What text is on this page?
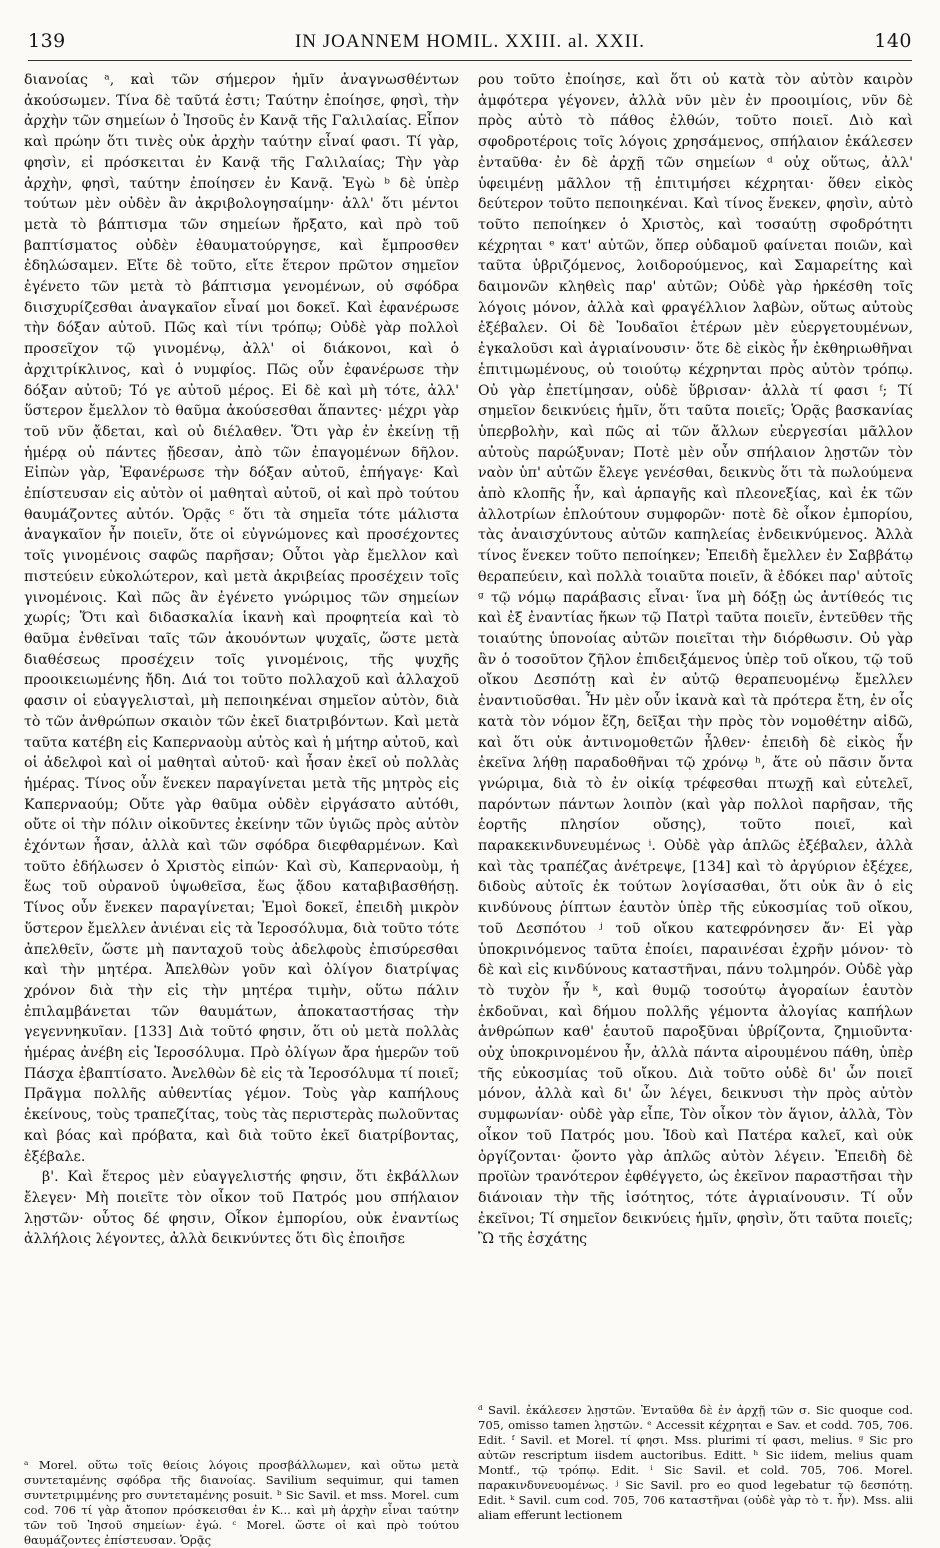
139	IN JOANNEM HOMIL. XXIII. al. XXII.	140

διανοίας ᵃ, καὶ τῶν σήμερον ἡμῖν ἀναγνωσθέντων ἀκούσωμεν. Τίνα δὲ ταῦτά ἐστι; Ταύτην ἐποίησε, φησὶ, τὴν ἀρχὴν τῶν σημείων ὁ Ἰησοῦς ἐν Κανᾷ τῆς Γαλιλαίας. Εἶπον καὶ πρώην ὅτι τινὲς οὐκ ἀρχὴν ταύτην εἶναί φασι. Τί γὰρ, φησὶν, εἰ πρόσκειται ἐν Κανᾷ τῆς Γαλιλαίας; Τὴν γὰρ ἀρχὴν, φησὶ, ταύτην ἐποίησεν ἐν Κανᾷ. Ἐγὼ ᵇ δὲ ὑπὲρ τούτων μὲν οὐδὲν ἂν ἀκριβολογησαίμην· ἀλλ' ὅτι μέντοι μετὰ τὸ βάπτισμα τῶν σημείων ἤρξατο, καὶ πρὸ τοῦ βαπτίσματος οὐδὲν ἐθαυματούργησε, καὶ ἔμπροσθεν ἐδηλώσαμεν. Εἴτε δὲ τοῦτο, εἴτε ἕτερον πρῶτον σημεῖον ἐγένετο τῶν μετὰ τὸ βάπτισμα γενομένων, οὐ σφόδρα διισχυρίζεσθαι ἀναγκαῖον εἶναί μοι δοκεῖ. Καὶ ἐφανέρωσε τὴν δόξαν αὐτοῦ. Πῶς καὶ τίνι τρόπῳ; Οὐδὲ γὰρ πολλοὶ προσεῖχον τῷ γινομένῳ, ἀλλ' οἱ διάκονοι, καὶ ὁ ἀρχιτρίκλινος, καὶ ὁ νυμφίος. Πῶς οὖν ἐφανέρωσε τὴν δόξαν αὐτοῦ; Τό γε αὐτοῦ μέρος. Εἰ δὲ καὶ μὴ τότε, ἀλλ' ὕστερον ἔμελλον τὸ θαῦμα ἀκούσεσθαι ἅπαντες· μέχρι γὰρ τοῦ νῦν ᾄδεται, καὶ οὐ διέλαθεν. Ὅτι γὰρ ἐν ἐκείνῃ τῇ ἡμέρᾳ οὐ πάντες ᾔδεσαν, ἀπὸ τῶν ἐπαγομένων δῆλον. Εἰπὼν γὰρ, Ἐφανέρωσε τὴν δόξαν αὐτοῦ, ἐπήγαγε· Καὶ ἐπίστευσαν εἰς αὐτὸν οἱ μαθηταὶ αὐτοῦ, οἱ καὶ πρὸ τούτου θαυμάζοντες αὐτόν. Ὁρᾷς ᶜ ὅτι τὰ σημεῖα τότε μάλιστα ἀναγκαῖον ἦν ποιεῖν, ὅτε οἱ εὐγνώμονες καὶ προσέχοντες τοῖς γινομένοις σαφῶς παρῆσαν; Οὗτοι γὰρ ἔμελλον καὶ πιστεύειν εὐκολώτερον, καὶ μετὰ ἀκριβείας προσέχειν τοῖς γινομένοις. Καὶ πῶς ἂν ἐγένετο γνώριμος τῶν σημείων χωρίς; Ὅτι καὶ διδασκαλία ἱκανὴ καὶ προφητεία καὶ τὸ θαῦμα ἐνθεῖναι ταῖς τῶν ἀκουόντων ψυχαῖς, ὥστε μετὰ διαθέσεως προσέχειν τοῖς γινομένοις, τῆς ψυχῆς προοικειωμένης ἤδη. Διά τοι τοῦτο πολλαχοῦ καὶ ἀλλαχοῦ φασιν οἱ εὐαγγελισταὶ, μὴ πεποιηκέναι σημεῖον αὐτὸν, διὰ τὸ τῶν ἀνθρώπων σκαιὸν τῶν ἐκεῖ διατριβόντων. Καὶ μετὰ ταῦτα κατέβη εἰς Καπερναοὺμ αὐτὸς καὶ ἡ μήτηρ αὐτοῦ, καὶ οἱ ἀδελφοὶ καὶ οἱ μαθηταὶ αὐτοῦ· καὶ ἦσαν ἐκεῖ οὐ πολλὰς ἡμέρας. Τίνος οὖν ἕνεκεν παραγίνεται μετὰ τῆς μητρὸς εἰς Καπερναούμ; Οὔτε γὰρ θαῦμα οὐδὲν εἰργάσατο αὐτόθι, οὔτε οἱ τὴν πόλιν οἰκοῦντες ἐκείνην τῶν ὑγιῶς πρὸς αὐτὸν ἐχόντων ἦσαν, ἀλλὰ καὶ τῶν σφόδρα διεφθαρμένων. Καὶ τοῦτο ἐδήλωσεν ὁ Χριστὸς εἰπών· Καὶ σὺ, Καπερναοὺμ, ἡ ἕως τοῦ οὐρανοῦ ὑψωθεῖσα, ἕως ᾅδου καταβιβασθήσῃ. Τίνος οὖν ἕνεκεν παραγίνεται; Ἐμοὶ δοκεῖ, ἐπειδὴ μικρὸν ὕστερον ἔμελλεν ἀνιέναι εἰς τὰ Ἱεροσόλυμα, διὰ τοῦτο τότε ἀπελθεῖν, ὥστε μὴ πανταχοῦ τοὺς ἀδελφοὺς ἐπισύρεσθαι καὶ τὴν μητέρα. Ἀπελθὼν γοῦν καὶ ὀλίγον διατρίψας χρόνον διὰ τὴν εἰς τὴν μητέρα τιμὴν, οὕτω πάλιν ἐπιλαμβάνεται τῶν θαυμάτων, ἀποκαταστήσας τὴν γεγεννηκυῖαν. [133] Διὰ τοῦτό φησιν, ὅτι οὐ μετὰ πολλὰς ἡμέρας ἀνέβη εἰς Ἱεροσόλυμα. Πρὸ ὀλίγων ἄρα ἡμερῶν τοῦ Πάσχα ἐβαπτίσατο. Ἀνελθὼν δὲ εἰς τὰ Ἱεροσόλυμα τί ποιεῖ; Πρᾶγμα πολλῆς αὐθεντίας γέμον. Τοὺς γὰρ καπήλους ἐκείνους, τοὺς τραπεζίτας, τοὺς τὰς περιστερὰς πωλοῦντας καὶ βόας καὶ πρόβατα, καὶ διὰ τοῦτο ἐκεῖ διατρίβοντας, ἐξέβαλε.

β'. Καὶ ἕτερος μὲν εὐαγγελιστής φησιν, ὅτι ἐκβάλλων ἔλεγεν· Μὴ ποιεῖτε τὸν οἶκον τοῦ Πατρός μου σπήλαιον λῃστῶν· οὗτος δέ φησιν, Οἶκον ἐμπορίου, οὐκ ἐναντίως ἀλλήλοις λέγοντες, ἀλλὰ δεικνύντες ὅτι δὶς ἐποιῆσε

ρου τοῦτο ἐποίησε, καὶ ὅτι οὐ κατὰ τὸν αὐτὸν καιρὸν ἀμφότερα γέγονεν, ἀλλὰ νῦν μὲν ἐν προοιμίοις, νῦν δὲ πρὸς αὐτὸ τὸ πάθος ἐλθών, τοῦτο ποιεῖ. Διὸ καὶ σφοδροτέροις τοῖς λόγοις χρησάμενος, σπήλαιον ἐκάλεσεν ἐνταῦθα· ἐν δὲ ἀρχῇ τῶν σημείων ᵈ οὐχ οὕτως, ἀλλ' ὑφειμένῃ μᾶλλον τῇ ἐπιτιμήσει κέχρηται· ὅθεν εἰκὸς δεύτερον τοῦτο πεποιηκέναι. Καὶ τίνος ἕνεκεν, φησὶν, αὐτὸ τοῦτο πεποίηκεν ὁ Χριστὸς, καὶ τοσαύτῃ σφοδρότητι κέχρηται ᵉ κατ' αὐτῶν, ὅπερ οὐδαμοῦ φαίνεται ποιῶν, καὶ ταῦτα ὑβριζόμενος, λοιδορούμενος, καὶ Σαμαρείτης καὶ δαιμονῶν κληθεὶς παρ' αὐτῶν; Οὐδὲ γὰρ ἠρκέσθη τοῖς λόγοις μόνον, ἀλλὰ καὶ φραγέλλιον λαβὼν, οὕτως αὐτοὺς ἐξέβαλεν. Οἱ δὲ Ἰουδαῖοι ἑτέρων μὲν εὐεργετουμένων, ἐγκαλοῦσι καὶ ἀγριαίνουσιν· ὅτε δὲ εἰκὸς ἦν ἐκθηριωθῆναι ἐπιτιμωμένους, οὐ τοιούτῳ κέχρηνται πρὸς αὐτὸν τρόπῳ. Οὐ γὰρ ἐπετίμησαν, οὐδὲ ὕβρισαν· ἀλλὰ τί φασι ᶠ; Τί σημεῖον δεικνύεις ἡμῖν, ὅτι ταῦτα ποιεῖς; Ὁρᾷς βασκανίας ὑπερβολὴν, καὶ πῶς αἱ τῶν ἄλλων εὐεργεσίαι μᾶλλον αὐτοὺς παρώξυναν; Ποτὲ μὲν οὖν σπήλαιον λῃστῶν τὸν ναὸν ὑπ' αὐτῶν ἔλεγε γενέσθαι, δεικνὺς ὅτι τὰ πωλούμενα ἀπὸ κλοπῆς ἦν, καὶ ἁρπαγῆς καὶ πλεονεξίας, καὶ ἐκ τῶν ἀλλοτρίων ἐπλούτουν συμφορῶν· ποτὲ δὲ οἶκον ἐμπορίου, τὰς ἀναισχύντους αὐτῶν καπηλείας ἐνδεικνύμενος. Ἀλλὰ τίνος ἕνεκεν τοῦτο πεποίηκεν; Ἐπειδὴ ἔμελλεν ἐν Σαββάτῳ θεραπεύειν, καὶ πολλὰ τοιαῦτα ποιεῖν, ἃ ἐδόκει παρ' αὐτοῖς ᵍ τῷ νόμῳ παράβασις εἶναι· ἵνα μὴ δόξῃ ὡς ἀντίθεός τις καὶ ἐξ ἐναντίας ἥκων τῷ Πατρὶ ταῦτα ποιεῖν, ἐντεῦθεν τῆς τοιαύτης ὑπονοίας αὐτῶν ποιεῖται τὴν διόρθωσιν. Οὐ γὰρ ἂν ὁ τοσοῦτον ζῆλον ἐπιδειξάμενος ὑπὲρ τοῦ οἴκου, τῷ τοῦ οἴκου Δεσπότῃ καὶ ἐν αὐτῷ θεραπευομένῳ ἔμελλεν ἐναντιοῦσθαι. Ἦν μὲν οὖν ἱκανὰ καὶ τὰ πρότερα ἔτη, ἐν οἷς κατὰ τὸν νόμον ἔζη, δεῖξαι τὴν πρὸς τὸν νομοθέτην αἰδῶ, καὶ ὅτι οὐκ ἀντινομοθετῶν ἦλθεν· ἐπειδὴ δὲ εἰκὸς ἦν ἐκεῖνα λήθῃ παραδοθῆναι τῷ χρόνῳ ʰ, ἅτε οὐ πᾶσιν ὄντα γνώριμα, διὰ τὸ ἐν οἰκίᾳ τρέφεσθαι πτωχῇ καὶ εὐτελεῖ, παρόντων πάντων λοιπὸν (καὶ γὰρ πολλοὶ παρῆσαν, τῆς ἑορτῆς πλησίον οὔσης), τοῦτο ποιεῖ, καὶ παρακεκινδυνευμένως ⁱ. Οὐδὲ γὰρ ἁπλῶς ἐξέβαλεν, ἀλλὰ καὶ τὰς τραπέζας ἀνέτρεψε, [134] καὶ τὸ ἀργύριον ἐξέχεε, διδοὺς αὐτοῖς ἐκ τούτων λογίσασθαι, ὅτι οὐκ ἂν ὁ εἰς κινδύνους ῥίπτων ἑαυτὸν ὑπὲρ τῆς εὐκοσμίας τοῦ οἴκου, τοῦ Δεσπότου ʲ τοῦ οἴκου κατεφρόνησεν ἄν· Εἰ γὰρ ὑποκρινόμενος ταῦτα ἐποίει, παραινέσαι ἐχρῆν μόνον· τὸ δὲ καὶ εἰς κινδύνους καταστῆναι, πάνυ τολμηρόν. Οὐδὲ γὰρ τὸ τυχὸν ἦν ᵏ, καὶ θυμῷ τοσούτῳ ἀγοραίων ἑαυτὸν ἐκδοῦναι, καὶ δήμου πολλῆς γέμοντα ἀλογίας καπήλων ἀνθρώπων καθ' ἑαυτοῦ παροξῦναι ὑβρίζοντα, ζημιοῦντα· οὐχ ὑποκρινομένου ἦν, ἀλλὰ πάντα αἱρουμένου πάθη, ὑπὲρ τῆς εὐκοσμίας τοῦ οἴκου. Διὰ τοῦτο οὐδὲ δι' ὧν ποιεῖ μόνον, ἀλλὰ καὶ δι' ὧν λέγει, δεικνυσι τὴν πρὸς αὐτὸν συμφωνίαν· οὐδὲ γὰρ εἶπε, Τὸν οἶκον τὸν ἅγιον, ἀλλὰ, Τὸν οἶκον τοῦ Πατρός μου. Ἰδοὺ καὶ Πατέρα καλεῖ, καὶ οὐκ ὀργίζονται· ᾤοντο γὰρ ἁπλῶς αὐτὸν λέγειν. Ἐπειδὴ δὲ προϊὼν τρανότερον ἐφθέγγετο, ὡς ἐκεῖνον παραστῆσαι τὴν διάνοιαν τὴν τῆς ἰσότητος, τότε ἀγριαίνουσιν. Τί οὖν ἐκεῖνοι; Τί σημεῖον δεικνύεις ἡμῖν, φησὶν, ὅτι ταῦτα ποιεῖς; Ὢ τῆς ἐσχάτης

ᵃ Morel. οὕτω τοῖς θείοις λόγοις προσβάλλωμεν, καὶ οὕτω μετὰ συντεταμένης σφόδρα τῆς διανοίας. Savilium sequimur, qui tamen συντετριμμένης pro συντεταμένης posuit. ᵇ Sic Savil. et mss. Morel. cum cod. 706 τί γὰρ ἄτοπον πρόσκεισθαι ἐν Κ... καὶ μὴ ἀρχὴν εἶναι ταύτην τῶν τοῦ Ἰησοῦ σημείων· ἐγώ. ᶜ Morel. ὥστε οἱ καὶ πρὸ τούτου θαυμάζοντες ἐπίστευσαν. Ὁρᾷς
ᵈ Savil. ἐκάλεσεν λῃστῶν. Ἐνταῦθα δὲ ἐν ἀρχῇ τῶν σ. Sic quoque cod. 705, omisso tamen λῃστῶν. ᵉ Accessit κέχρηται e Sav. et codd. 705, 706. Edit. ᶠ Savil. et Morel. τί φησι. Mss. plurimi τί φασι, melius. ᵍ Sic pro αὐτῶν rescriptum iisdem auctoribus. Editt. ʰ Sic iidem, melius quam Montf., τῷ τρόπῳ. Edit. ⁱ Sic Savil. et cold. 705, 706. Morel. παρακινδυνευομένως. ʲ Sic Savil. pro eo quod legebatur τῷ δεσπότῃ. Edit. ᵏ Savil. cum cod. 705, 706 καταστῆναι (οὐδὲ γὰρ τὸ τ. ἦν). Mss. alii aliam efferunt lectionem
